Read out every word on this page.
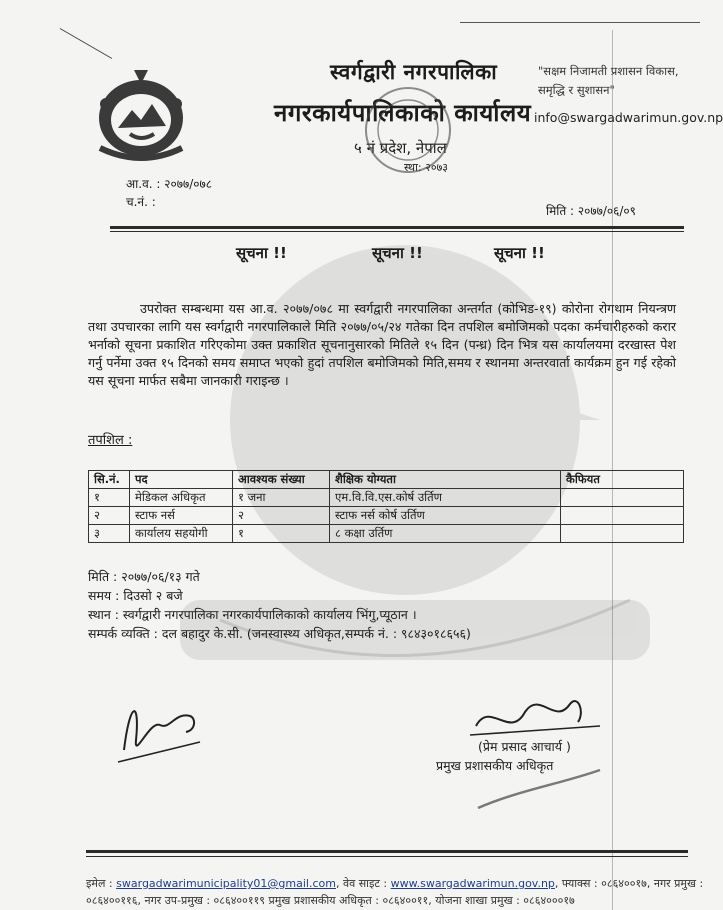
स्वर्गद्वारी नगरपालिका
नगरकार्यपालिकाको कार्यालय
५ नं प्रदेश, नेपाल
स्था: २०७३
"सक्षम निजामती प्रशासन विकास, समृद्धि र सुशासन"
info@swargadwarimun.gov.np
आ.व. : २०७७/०७८
च.नं. :
मिति : २०७७/०६/०९
सूचना !!	सूचना !!	सूचना !!
उपरोक्त सम्बन्धमा यस आ.व. २०७७/०७८ मा स्वर्गद्वारी नगरपालिका अन्तर्गत (कोभिड-१९) कोरोना रोगथाम नियन्त्रण तथा उपचारका लागि यस स्वर्गद्वारी नगरपालिकाले मिति २०७७/०५/२४ गतेका दिन तपशिल बमोजिमको पदका कर्मचारीहरुको करार भर्नाको सूचना प्रकाशित गरिएकोमा उक्त प्रकाशित सूचनानुसारको मितिले १५ दिन (पन्ध्र) दिन भित्र यस कार्यालयमा दरखास्त पेश गर्नु पर्नेमा उक्त १५ दिनको समय समाप्त भएको हुदां तपशिल बमोजिमको मिति,समय र स्थानमा अन्तरवार्ता कार्यक्रम हुन गई रहेको यस सूचना मार्फत सबैमा जानकारी गराइन्छ ।
तपशिल :
सि.नं.	पद	आवश्यक संख्या	शैक्षिक योग्यता	कैफियत
१	मेडिकल अधिकृत	१ जना	एम.वि.वि.एस.कोर्ष उर्तिण	
२	स्टाफ नर्स	२	स्टाफ नर्स कोर्ष उर्तिण	
३	कार्यालय सहयोगी	१	८ कक्षा उर्तिण	
मिति : २०७७/०६/१३ गते
समय : दिउसो २ बजे
स्थान : स्वर्गद्वारी नगरपालिका नगरकार्यपालिकाको कार्यालय भिंगु,प्यूठान ।
सम्पर्क व्यक्ति : दल बहादुर के.सी. (जनस्वास्थ्य अधिकृत,सम्पर्क नं. : ९८४३०१८६५६)
(प्रेम प्रसाद आचार्य )
प्रमुख प्रशासकीय अधिकृत
इमेल : swargadwarimunicipality01@gmail.com, वेव साइट : www.swargadwarimun.gov.np, फ्याक्स : ०८६४००१७, नगर प्रमुख :
०८६४००११६, नगर उप-प्रमुख : ०८६४००११९ प्रमुख प्रशासकीय अधिकृत : ०८६४००११, योजना शाखा प्रमुख : ०८६४०००१७
